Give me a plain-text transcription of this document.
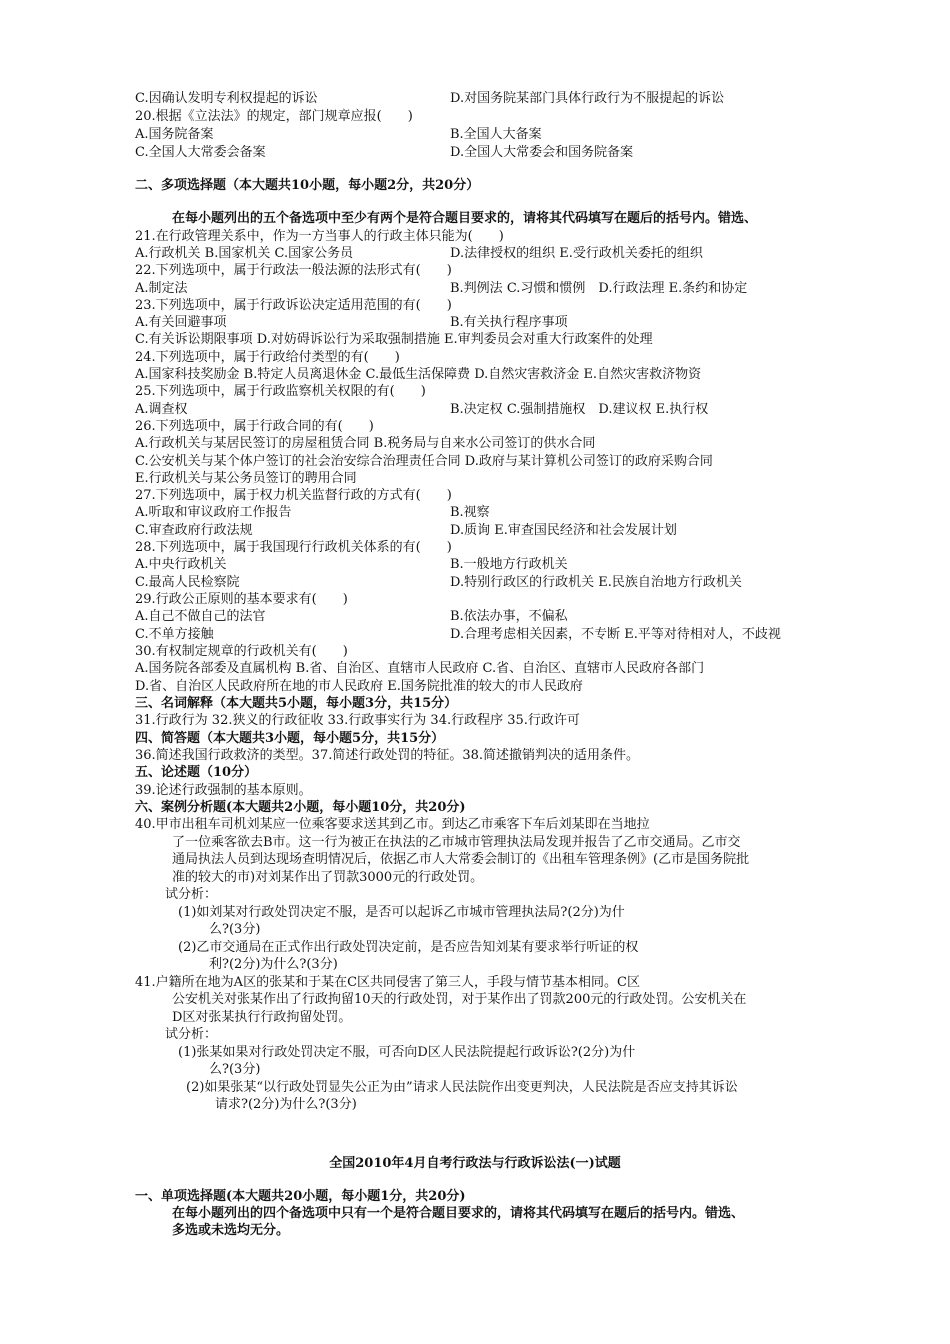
C.因确认发明专利权提起的诉讼	D.对国务院某部门具体行政行为不服提起的诉讼
20.根据《立法法》的规定，部门规章应报(　　)
A.国务院备案	B.全国人大备案
C.全国人大常委会备案	D.全国人大常委会和国务院备案
二、多项选择题（本大题共10小题，每小题2分，共20分）
在每小题列出的五个备选项中至少有两个是符合题目要求的，请将其代码填写在题后的括号内。错选、
21.在行政管理关系中，作为一方当事人的行政主体只能为(　　)
A.行政机关 B.国家机关 C.国家公务员	D.法律授权的组织 E.受行政机关委托的组织
22.下列选项中，属于行政法一般法源的法形式有(　　)
A.制定法	B.判例法 C.习惯和惯例　D.行政法理 E.条约和协定
23.下列选项中，属于行政诉讼决定适用范围的有(　　)
A.有关回避事项	B.有关执行程序事项
C.有关诉讼期限事项 D.对妨碍诉讼行为采取强制措施 E.审判委员会对重大行政案件的处理
24.下列选项中，属于行政给付类型的有(　　)
A.国家科技奖励金 B.特定人员离退休金 C.最低生活保障费 D.自然灾害救济金 E.自然灾害救济物资
25.下列选项中，属于行政监察机关权限的有(　　)
A.调查权	B.决定权 C.强制措施权　D.建议权 E.执行权
26.下列选项中，属于行政合同的有(　　)
A.行政机关与某居民签订的房屋租赁合同 B.税务局与自来水公司签订的供水合同
C.公安机关与某个体户签订的社会治安综合治理责任合同 D.政府与某计算机公司签订的政府采购合同
E.行政机关与某公务员签订的聘用合同
27.下列选项中，属于权力机关监督行政的方式有(　　)
A.听取和审议政府工作报告	B.视察
C.审查政府行政法规	D.质询 E.审查国民经济和社会发展计划
28.下列选项中，属于我国现行行政机关体系的有(　　)
A.中央行政机关	B.一般地方行政机关
C.最高人民检察院	D.特别行政区的行政机关 E.民族自治地方行政机关
29.行政公正原则的基本要求有(　　)
A.自己不做自己的法官	B.依法办事，不偏私
C.不单方接触	D.合理考虑相关因素，不专断 E.平等对待相对人，不歧视
30.有权制定规章的行政机关有(　　)
A.国务院各部委及直属机构 B.省、自治区、直辖市人民政府 C.省、自治区、直辖市人民政府各部门
D.省、自治区人民政府所在地的市人民政府 E.国务院批准的较大的市人民政府
三、名词解释（本大题共5小题，每小题3分，共15分）
31.行政行为 32.狭义的行政征收 33.行政事实行为 34.行政程序 35.行政许可
四、简答题（本大题共3小题，每小题5分，共15分）
36.简述我国行政救济的类型。37.简述行政处罚的特征。38.简述撤销判决的适用条件。
五、论述题（10分）
39.论述行政强制的基本原则。
六、案例分析题(本大题共2小题，每小题10分，共20分)
40.甲市出租车司机刘某应一位乘客要求送其到乙市。到达乙市乘客下车后刘某即在当地拉
了一位乘客欲去B市。这一行为被正在执法的乙市城市管理执法局发现并报告了乙市交通局。乙市交
通局执法人员到达现场查明情况后，依据乙市人大常委会制订的《出租车管理条例》(乙市是国务院批
准的较大的市)对刘某作出了罚款3000元的行政处罚。
试分析：
(1)如刘某对行政处罚决定不服，是否可以起诉乙市城市管理执法局?(2分)为什
么?(3分)
(2)乙市交通局在正式作出行政处罚决定前，是否应告知刘某有要求举行听证的权
利?(2分)为什么?(3分)
41.户籍所在地为A区的张某和于某在C区共同侵害了第三人，手段与情节基本相同。C区
公安机关对张某作出了行政拘留10天的行政处罚，对于某作出了罚款200元的行政处罚。公安机关在
D区对张某执行行政拘留处罚。
试分析：
(1)张某如果对行政处罚决定不服，可否向D区人民法院提起行政诉讼?(2分)为什
么?(3分)
(2)如果张某“以行政处罚显失公正为由”请求人民法院作出变更判决，人民法院是否应支持其诉讼
请求?(2分)为什么?(3分)
全国2010年4月自考行政法与行政诉讼法(一)试题
一、单项选择题(本大题共20小题，每小题1分，共20分)
在每小题列出的四个备选项中只有一个是符合题目要求的，请将其代码填写在题后的括号内。错选、
多选或未选均无分。
